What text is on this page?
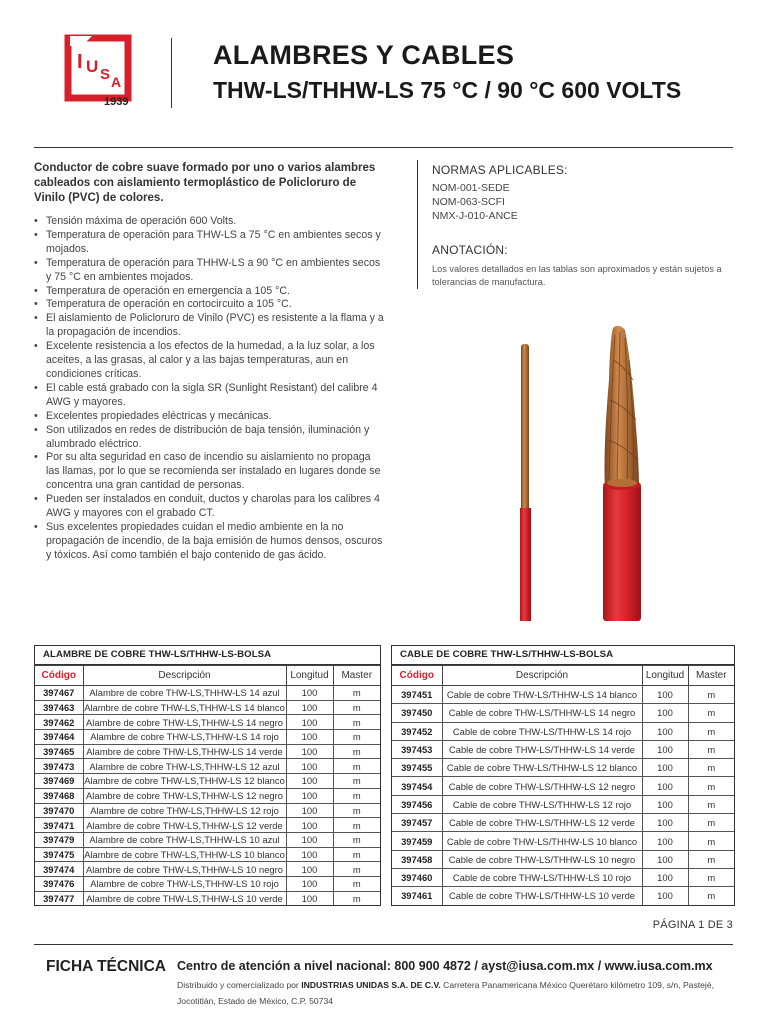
I U S A
1939
ALAMBRES Y CABLES
THW-LS/THHW-LS 75 °C / 90 °C 600 VOLTS
Conductor de cobre suave formado por uno o varios alambres cableados con aislamiento termoplástico de Policloruro de Vinilo (PVC) de colores.
• Tensión máxima de operación 600 Volts.
• Temperatura de operación para THW-LS a 75 °C en ambientes secos y mojados.
• Temperatura de operación para THHW-LS a 90 °C en ambientes secos y 75 °C en ambientes mojados.
• Temperatura de operación en emergencia a 105 °C.
• Temperatura de operación en cortocircuito a 105 °C.
• El aislamiento de Policloruro de Vinilo (PVC) es resistente a la flama y a la propagación de incendios.
• Excelente resistencia a los efectos de la humedad, a la luz solar, a los aceites, a las grasas, al calor y a las bajas temperaturas, aun en condiciones críticas.
• El cable está grabado con la sigla SR (Sunlight Resistant) del calibre 4 AWG y mayores.
• Excelentes propiedades eléctricas y mecánicas.
• Son utilizados en redes de distribución de baja tensión, iluminación y alumbrado eléctrico.
• Por su alta seguridad en caso de incendio su aislamiento no propaga las llamas, por lo que se recomienda ser instalado en lugares donde se concentra una gran cantidad de personas.
• Pueden ser instalados en conduit, ductos y charolas para los calibres 4 AWG y mayores con el grabado CT.
• Sus excelentes propiedades cuidan el medio ambiente en la no propagación de incendio, de la baja emisión de humos densos, oscuros y tóxicos. Así como también el bajo contenido de gas ácido.
NORMAS APLICABLES:
NOM-001-SEDE
NOM-063-SCFI
NMX-J-010-ANCE
ANOTACIÓN:
Los valores detallados en las tablas son aproximados y están sujetos a tolerancias de manufactura.
ALAMBRE DE COBRE THW-LS/THHW-LS-BOLSA
Código	Descripción	Longitud	Master
397467	Alambre de cobre THW-LS,THHW-LS 14 azul	100	m
397463	Alambre de cobre THW-LS,THHW-LS 14 blanco	100	m
397462	Alambre de cobre THW-LS,THHW-LS 14 negro	100	m
397464	Alambre de cobre THW-LS,THHW-LS 14 rojo	100	m
397465	Alambre de cobre THW-LS,THHW-LS 14 verde	100	m
397473	Alambre de cobre THW-LS,THHW-LS 12 azul	100	m
397469	Alambre de cobre THW-LS,THHW-LS 12 blanco	100	m
397468	Alambre de cobre THW-LS,THHW-LS 12 negro	100	m
397470	Alambre de cobre THW-LS,THHW-LS 12 rojo	100	m
397471	Alambre de cobre THW-LS,THHW-LS 12 verde	100	m
397479	Alambre de cobre THW-LS,THHW-LS 10 azul	100	m
397475	Alambre de cobre THW-LS,THHW-LS 10 blanco	100	m
397474	Alambre de cobre THW-LS,THHW-LS 10 negro	100	m
397476	Alambre de cobre THW-LS,THHW-LS 10 rojo	100	m
397477	Alambre de cobre THW-LS,THHW-LS 10 verde	100	m
CABLE DE COBRE THW-LS/THHW-LS-BOLSA
Código	Descripción	Longitud	Master
397451	Cable de cobre THW-LS/THHW-LS 14 blanco	100	m
397450	Cable de cobre THW-LS/THHW-LS 14 negro	100	m
397452	Cable de cobre THW-LS/THHW-LS 14 rojo	100	m
397453	Cable de cobre THW-LS/THHW-LS 14 verde	100	m
397455	Cable de cobre THW-LS/THHW-LS 12 blanco	100	m
397454	Cable de cobre THW-LS/THHW-LS 12 negro	100	m
397456	Cable de cobre THW-LS/THHW-LS 12 rojo	100	m
397457	Cable de cobre THW-LS/THHW-LS 12 verde	100	m
397459	Cable de cobre THW-LS/THHW-LS 10 blanco	100	m
397458	Cable de cobre THW-LS/THHW-LS 10 negro	100	m
397460	Cable de cobre THW-LS/THHW-LS 10 rojo	100	m
397461	Cable de cobre THW-LS/THHW-LS 10 verde	100	m
PÁGINA 1 DE 3
FICHA TÉCNICA Centro de atención a nivel nacional: 800 900 4872 / ayst@iusa.com.mx / www.iusa.com.mx
Distribuido y comercializado por INDUSTRIAS UNIDAS S.A. DE C.V. Carretera Panamericana México Querétaro kilómetro 109, s/n, Pastejé, Jocotitlán, Estado de México, C.P. 50734
